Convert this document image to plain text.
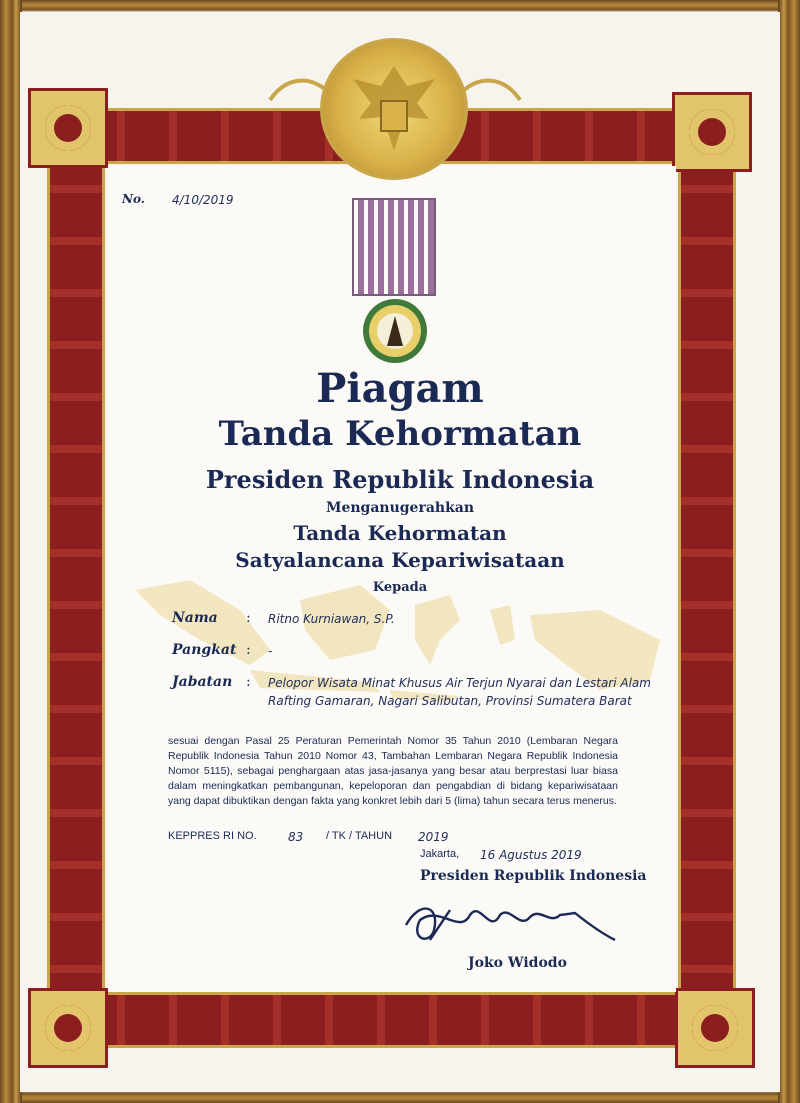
No. 4/10/2019
Piagam
Tanda Kehormatan
Presiden Republik Indonesia
Menganugerahkan
Tanda Kehormatan
Satyalancana Kepariwisataan
Kepada
Nama : Ritno Kurniawan, S.P.
Pangkat : -
Jabatan : Pelopor Wisata Minat Khusus Air Terjun Nyarai dan Lestari Alam
Rafting Gamaran, Nagari Salibutan, Provinsi Sumatera Barat
sesuai dengan Pasal 25 Peraturan Pemerintah Nomor 35 Tahun 2010 (Lembaran Negara Republik Indonesia Tahun 2010 Nomor 43, Tambahan Lembaran Negara Republik Indonesia Nomor 5115), sebagai penghargaan atas jasa-jasanya yang besar atau berprestasi luar biasa dalam meningkatkan pembangunan, kepeloporan dan pengabdian di bidang kepariwisataan yang dapat dibuktikan dengan fakta yang konkret lebih dari 5 (lima) tahun secara terus menerus.
KEPPRES RI NO.	83 / TK / TAHUN 2019
Jakarta, 16 Agustus 2019
Presiden Republik Indonesia
Joko Widodo
